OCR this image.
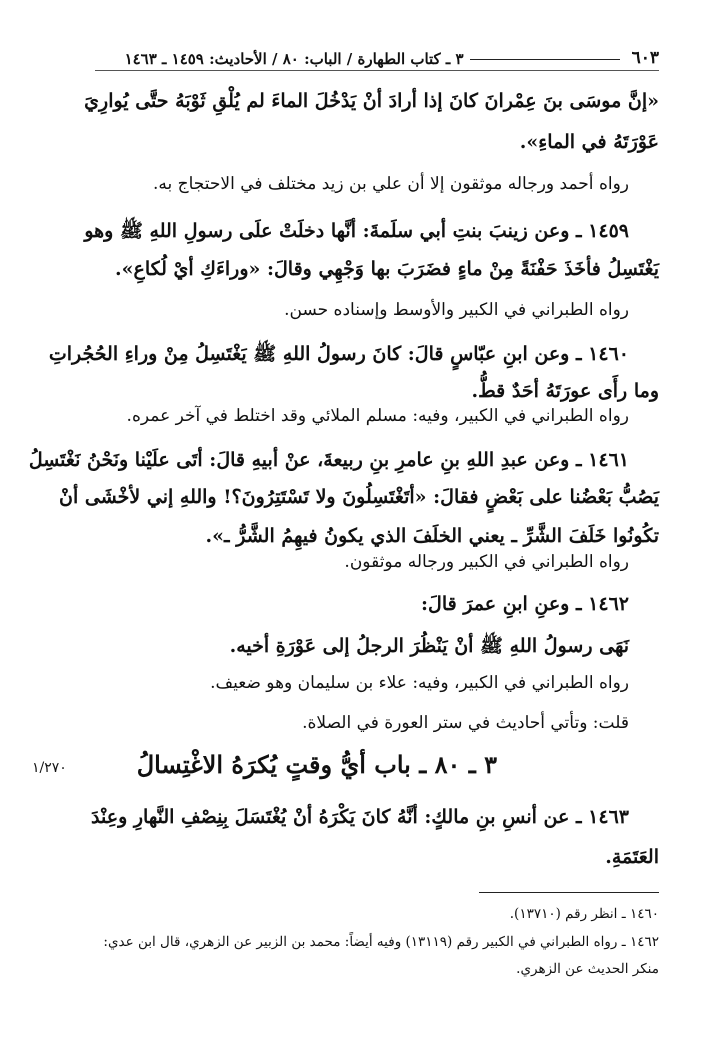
٦٠٣
٣ ـ كتاب الطهارة / الباب: ٨٠ / الأحاديث: ١٤٥٩ ـ ١٤٦٣
«إنَّ موسَى بنَ عِمْرانَ كانَ إذا أرادَ أنْ يَدْخُلَ الماءَ لم يُلْقِ ثَوْبَهُ حتَّى يُوارِيَ
عَوْرَتَهُ في الماءِ».
رواه أحمد ورجاله موثقون إلا أن علي بن زيد مختلف في الاحتجاج به.
١٤٥٩ ـ وعن زينبَ بنتِ أبي سلَمةَ: أنَّها دخلَتْ علَى رسولِ اللهِ ﷺ وهو
يَغْتَسِلُ فأخَذَ حَفْنَةً مِنْ ماءٍ فضَرَبَ بها وَجْهِي وقالَ: «وراءَكِ أيْ لُكاعِ».
رواه الطبراني في الكبير والأوسط وإسناده حسن.
١٤٦٠ ـ وعن ابنِ عبّاسٍ قالَ: كانَ رسولُ اللهِ ﷺ يَغْتَسِلُ مِنْ وراءِ الحُجُراتِ
وما رأَى عورَتَهُ أحَدٌ قطُّ.
رواه الطبراني في الكبير، وفيه: مسلم الملائي وقد اختلط في آخر عمره.
١٤٦١ ـ وعن عبدِ اللهِ بنِ عامرِ بنِ ربيعةَ، عنْ أبيهِ قالَ: أتَى علَيْنا ونَحْنُ نَغْتَسِلُ
يَصُبُّ بَعْضُنا على بَعْضٍ فقالَ: «أتَغْتَسِلُونَ ولا تَسْتَتِرُونَ؟! واللهِ إني لأخْشَى أنْ
تكُونُوا خَلَفَ الشَّرِّ ـ يعني الخلَفَ الذي يكونُ فيهِمُ الشَّرُّ ـ».
رواه الطبراني في الكبير ورجاله موثقون.
١٤٦٢ ـ وعنِ ابنِ عمرَ قالَ:
نَهَى رسولُ اللهِ ﷺ أنْ يَنْظُرَ الرجلُ إلى عَوْرَةِ أخيه.
رواه الطبراني في الكبير، وفيه: علاء بن سليمان وهو ضعيف.
قلت: وتأتي أحاديث في ستر العورة في الصلاة.
٣ ـ ٨٠ ـ باب أيُّ وقتٍ يُكرَهُ الاغْتِسالُ
١/٢٧٠
١٤٦٣ ـ عن أنسِ بنِ مالكٍ: أنَّهُ كانَ يَكْرَهُ أنْ يُغْتَسَلَ بِنِصْفِ النَّهارِ وعِنْدَ
العَتَمَةِ.
١٤٦٠ ـ انظر رقم (١٣٧١٠).
١٤٦٢ ـ رواه الطبراني في الكبير رقم (١٣١١٩) وفيه أيضاً: محمد بن الزبير عن الزهري، قال ابن عدي:
منكر الحديث عن الزهري.
